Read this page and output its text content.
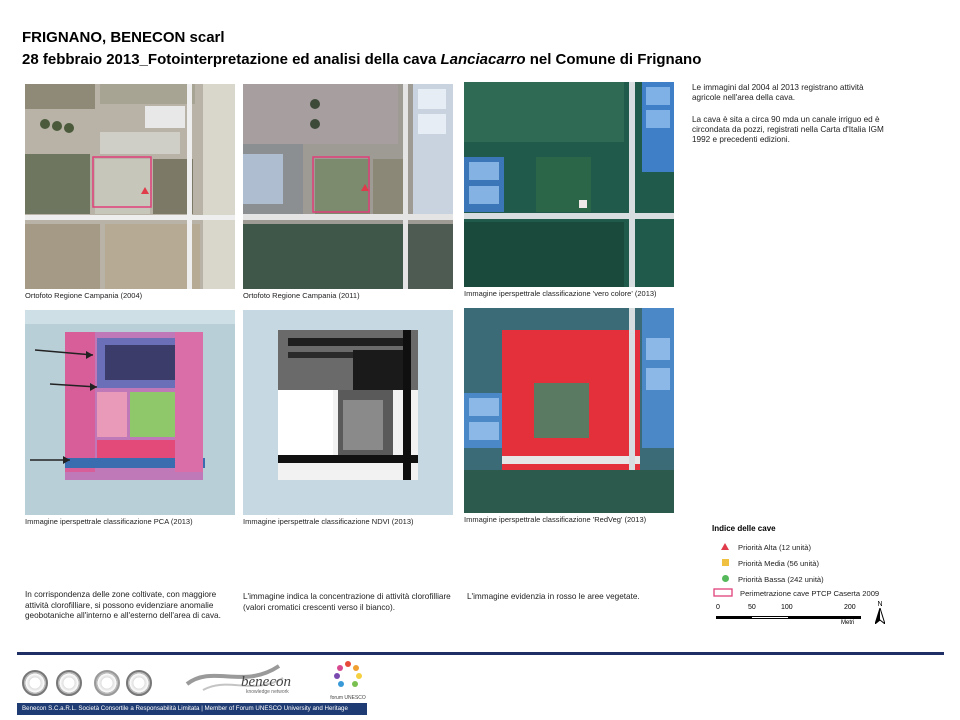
FRIGNANO, BENECON scarl
28 febbraio 2013_Fotointerpretazione ed analisi della cava Lanciacarro nel Comune di Frignano
Ortofoto Regione Campania (2004)	Ortofoto Regione Campania (2011)	Immagine iperspettrale classificazione 'vero colore' (2013)
Immagine iperspettrale classificazione PCA (2013)	Immagine iperspettrale classificazione NDVI (2013)	Immagine iperspettrale classificazione 'RedVeg' (2013)
Le immagini dal 2004 al 2013 registrano attività agricole nell'area della cava.
La cava è sita a circa 90 mda un canale irriguo ed è circondata da pozzi, registrati nella Carta d'Italia IGM 1992 e precedenti edizioni.
Indice delle cave
Priorità Alta (12 unità)
Priorità Media (56 unità)
Priorità Bassa (242 unità)
Perimetrazione cave PTCP Caserta 2009
0	50	100	200
Metri
N
In corrispondenza delle zone coltivate, con maggiore attività clorofilliare, si possono evidenziare anomalie geobotaniche all'interno e all'esterno dell'area di cava.
L'immagine indica la concentrazione di attività clorofilliare (valori cromatici crescenti verso il bianco).
L'immagine evidenzia in rosso le aree vegetate.
benecon
knowledge network
forum UNESCO
Benecon S.C.a.R.L. Società Consortile a Responsabilità Limitata | Member of Forum UNESCO University and Heritage
